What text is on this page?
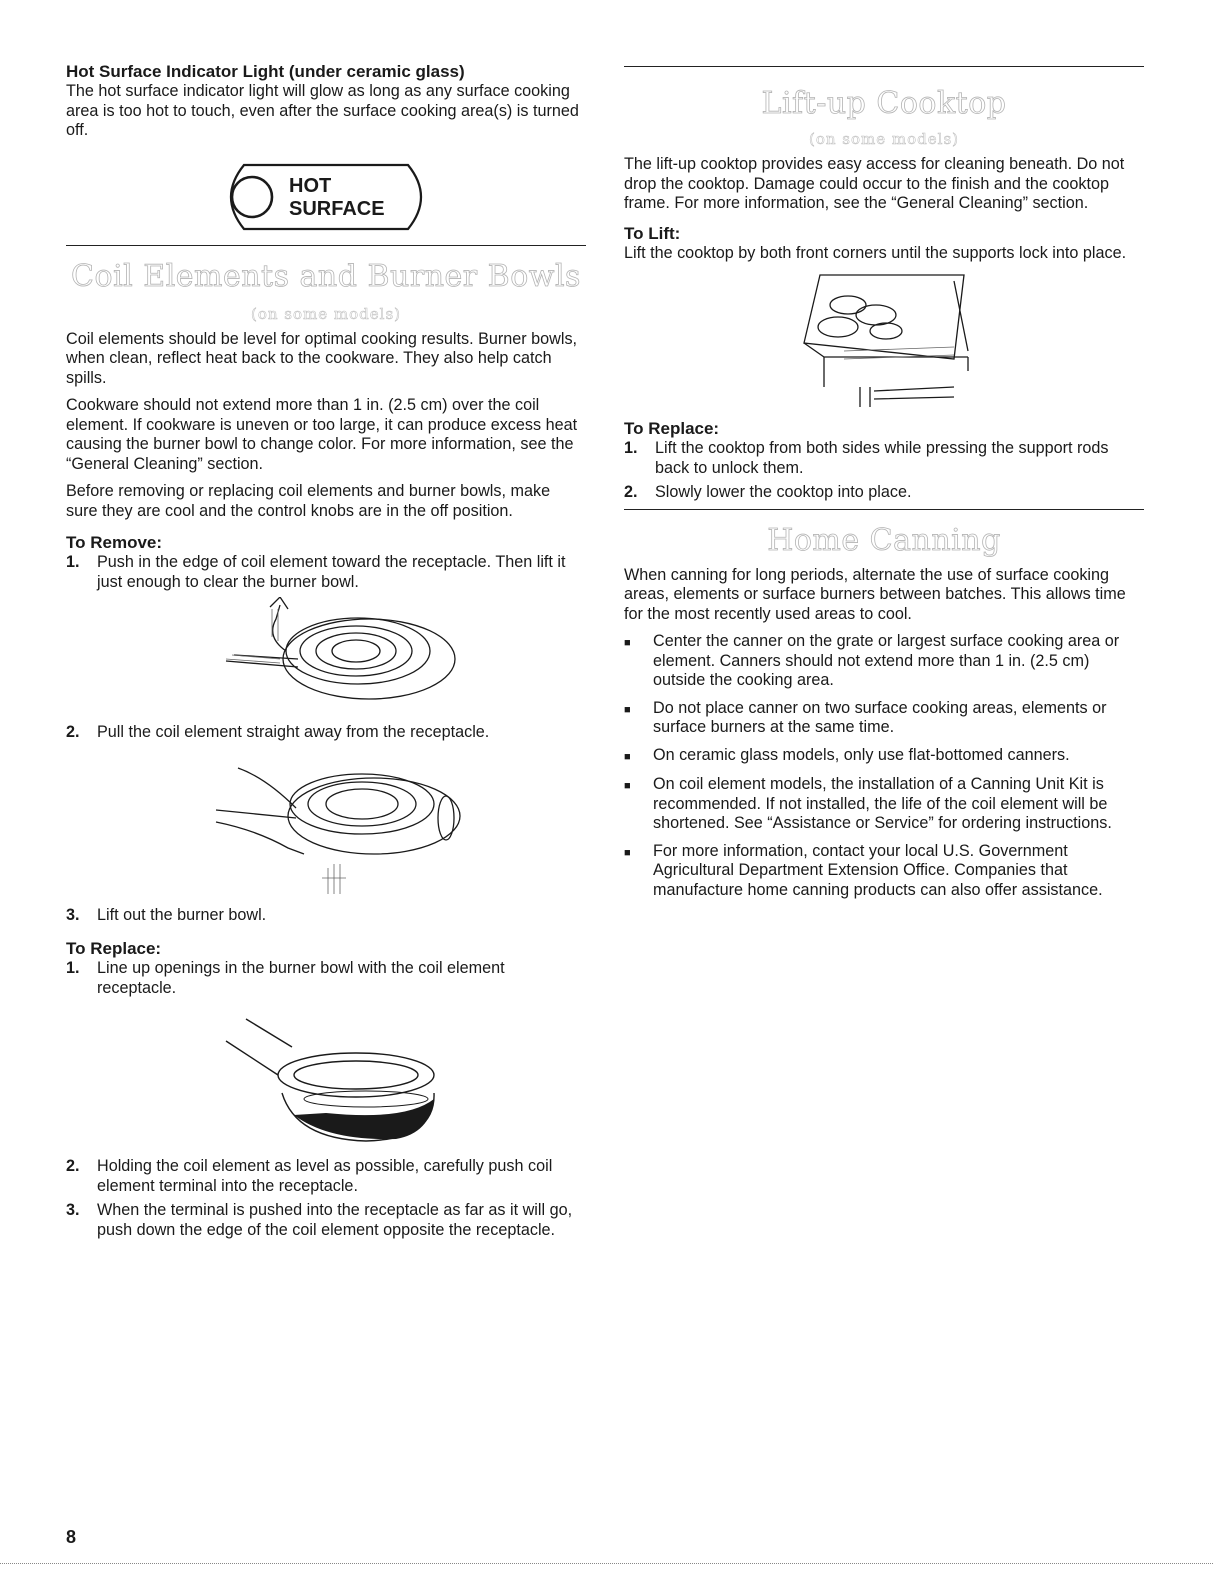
Hot Surface Indicator Light (under ceramic glass)

The hot surface indicator light will glow as long as any surface cooking area is too hot to touch, even after the surface cooking area(s) is turned off.

HOT
SURFACE
Coil Elements and Burner Bowls
(on some models)

Coil elements should be level for optimal cooking results. Burner bowls, when clean, reflect heat back to the cookware. They also help catch spills.

Cookware should not extend more than 1 in. (2.5 cm) over the coil element. If cookware is uneven or too large, it can produce excess heat causing the burner bowl to change color. For more information, see the “General Cleaning” section.

Before removing or replacing coil elements and burner bowls, make sure they are cool and the control knobs are in the off position.

To Remove:
1.	Push in the edge of coil element toward the receptacle. Then lift it just enough to clear the burner bowl.
2.	Pull the coil element straight away from the receptacle.
3.	Lift out the burner bowl.
To Replace:
1.	Line up openings in the burner bowl with the coil element receptacle.
2.	Holding the coil element as level as possible, carefully push coil element terminal into the receptacle.
3.	When the terminal is pushed into the receptacle as far as it will go, push down the edge of the coil element opposite the receptacle.
Lift-up Cooktop
(on some models)

The lift-up cooktop provides easy access for cleaning beneath. Do not drop the cooktop. Damage could occur to the finish and the cooktop frame. For more information, see the “General Cleaning” section.

To Lift:

Lift the cooktop by both front corners until the supports lock into place.

To Replace:
1.	Lift the cooktop from both sides while pressing the support rods back to unlock them.
2.	Slowly lower the cooktop into place.
Home Canning

When canning for long periods, alternate the use of surface cooking areas, elements or surface burners between batches. This allows time for the most recently used areas to cool.

■	Center the canner on the grate or largest surface cooking area or element. Canners should not extend more than 1 in. (2.5 cm) outside the cooking area.
■	Do not place canner on two surface cooking areas, elements or surface burners at the same time.
■	On ceramic glass models, only use flat-bottomed canners.
■	On coil element models, the installation of a Canning Unit Kit is recommended. If not installed, the life of the coil element will be shortened. See “Assistance or Service” for ordering instructions.
■	For more information, contact your local U.S. Government Agricultural Department Extension Office. Companies that manufacture home canning products can also offer assistance.
8
